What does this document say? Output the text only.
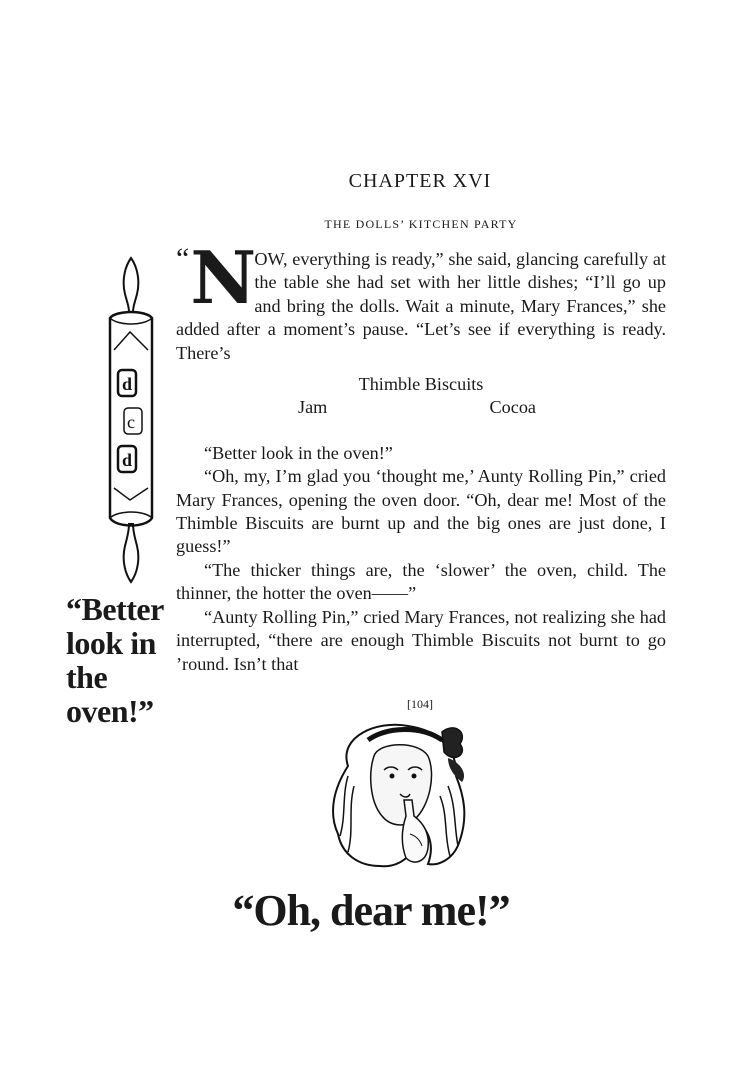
CHAPTER XVI
THE DOLLS’ KITCHEN PARTY
d
c
d
“Better look in the oven!”

“ N
OW, everything is ready,” she said, glancing carefully at the table she had set with her little dishes; “I’ll go up and bring the dolls. Wait a minute, Mary Frances,” she added after a moment’s pause. “Let’s see if everything is ready. There’s

Thimble Biscuits
Jam	Cocoa

“Better look in the oven!”

“Oh, my, I’m glad you ‘thought me,’ Aunty Rolling Pin,” cried Mary Frances, opening the oven door. “Oh, dear me! Most of the Thimble Biscuits are burnt up and the big ones are just done, I guess!”

“The thicker things are, the ‘slower’ the oven, child. The thinner, the hotter the oven——”

“Aunty Rolling Pin,” cried Mary Frances, not realizing she had interrupted, “there are enough Thimble Biscuits not burnt to go ’round. Isn’t that

[104]
“Oh, dear me!”
